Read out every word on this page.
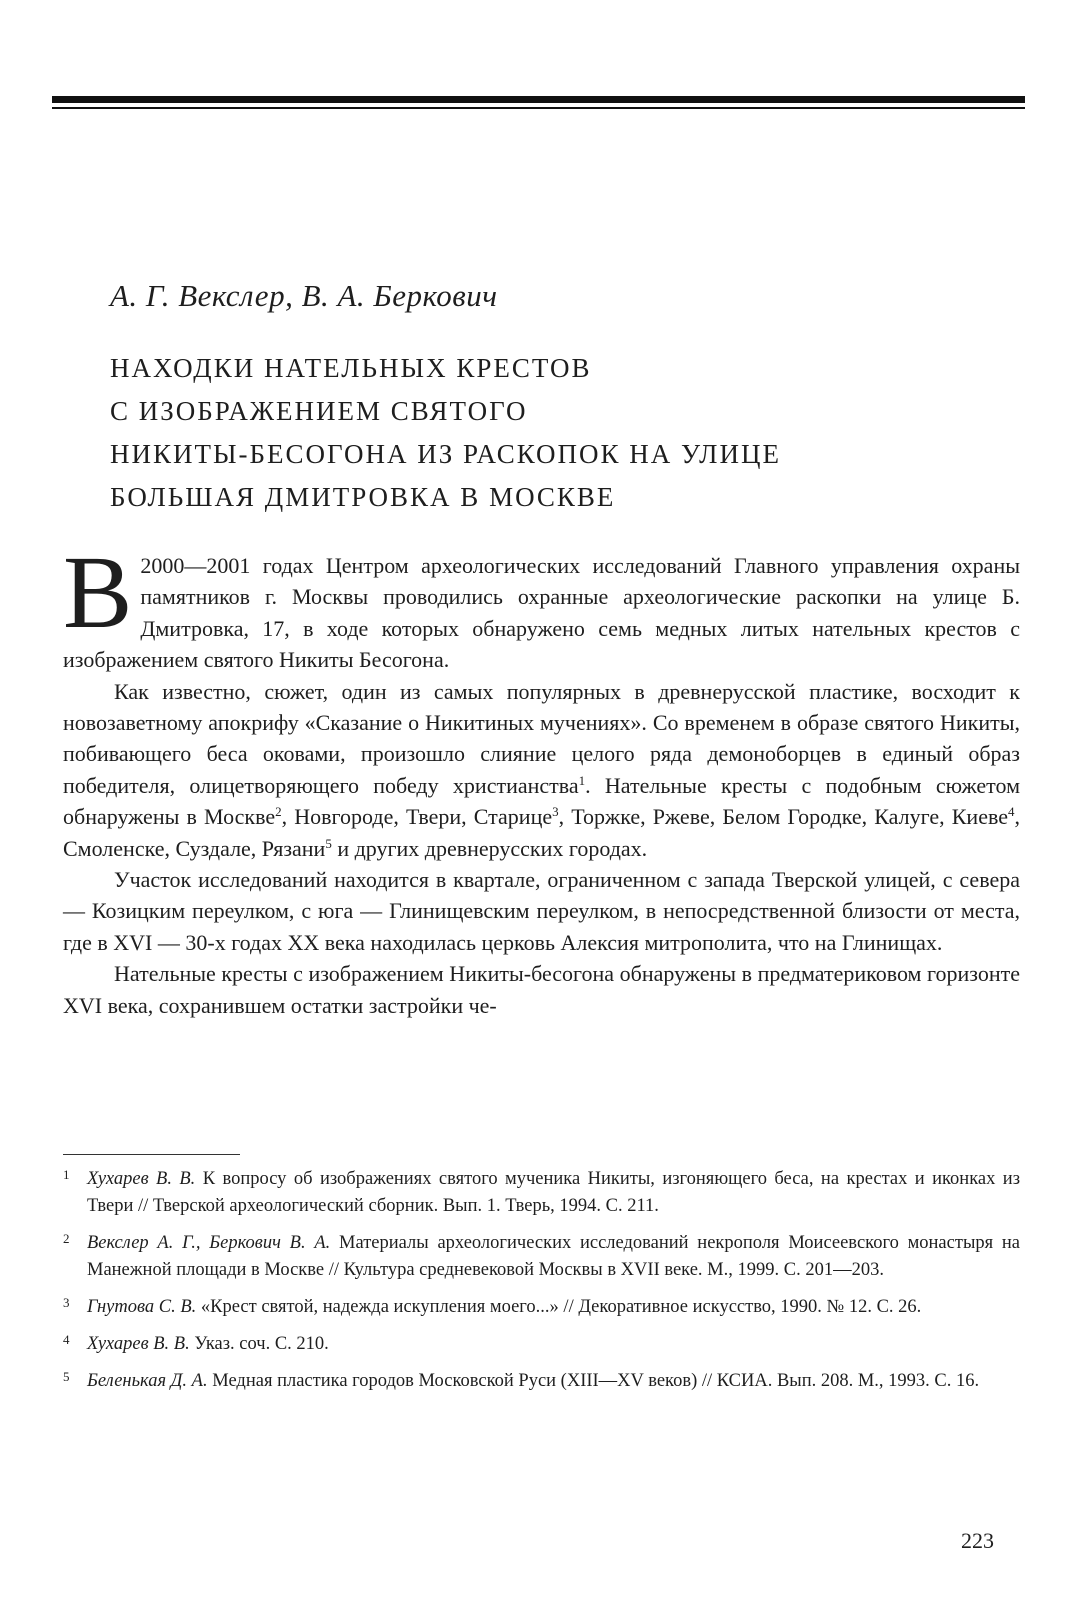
А. Г. Векслер, В. А. Беркович
НАХОДКИ НАТЕЛЬНЫХ КРЕСТОВ
С ИЗОБРАЖЕНИЕМ СВЯТОГО
НИКИТЫ-БЕСОГОНА ИЗ РАСКОПОК НА УЛИЦЕ
БОЛЬШАЯ ДМИТРОВКА В МОСКВЕ

В 2000—2001 годах Центром археологических исследований Главного управления охраны памятников г. Москвы проводились охранные археологические раскопки на улице Б. Дмитровка, 17, в ходе которых обнаружено семь медных литых нательных крестов с изображением святого Никиты Бесогона.

Как известно, сюжет, один из самых популярных в древнерусской пластике, восходит к новозаветному апокрифу «Сказание о Никитиных мучениях». Со временем в образе святого Никиты, побивающего беса оковами, произошло слияние целого ряда демоноборцев в единый образ победителя, олицетворяющего победу христианства$^1$. Нательные кресты с подобным сюжетом обнаружены в Москве$^2$, Новгороде, Твери, Старице$^3$, Торжке, Ржеве, Белом Городке, Калуге, Киеве$^4$, Смоленске, Суздале, Рязани$^5$ и других древнерусских городах.

Участок исследований находится в квартале, ограниченном с запада Тверской улицей, с севера — Козицким переулком, с юга — Глинищевским переулком, в непосредственной близости от места, где в XVI — 30-х годах XX века находилась церковь Алексия митрополита, что на Глинищах.

Нательные кресты с изображением Никиты-бесогона обнаружены в предматериковом горизонте XVI века, сохранившем остатки застройки че-

1 Хухарев В. В. К вопросу об изображениях святого мученика Никиты, изгоняющего беса, на крестах и иконках из Твери // Тверской археологический сборник. Вып. 1. Тверь, 1994. С. 211.

2 Векслер А. Г., Беркович В. А. Материалы археологических исследований некрополя Моисеевского монастыря на Манежной площади в Москве // Культура средневековой Москвы в XVII веке. М., 1999. С. 201—203.

3 Гнутова С. В. «Крест святой, надежда искупления моего...» // Декоративное искусство, 1990. № 12. С. 26.

4 Хухарев В. В. Указ. соч. С. 210.

5 Беленькая Д. А. Медная пластика городов Московской Руси (XIII—XV веков) // КСИА. Вып. 208. М., 1993. С. 16.

223
